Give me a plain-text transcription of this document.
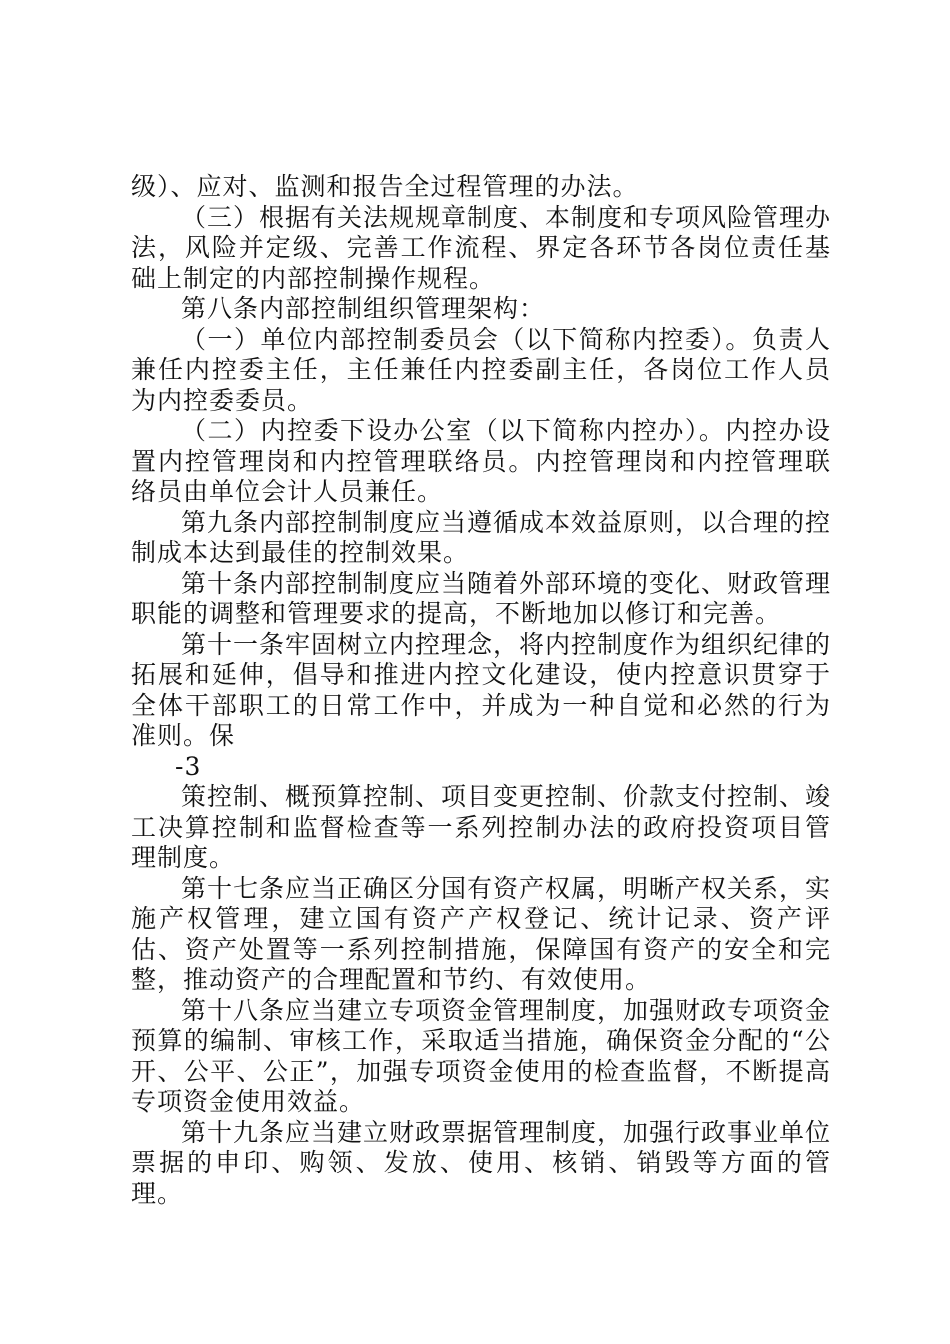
级）、应对、监测和报告全过程管理的办法。

（三）根据有关法规规章制度、本制度和专项风险管理办法，风险并定级、完善工作流程、界定各环节各岗位责任基础上制定的内部控制操作规程。

第八条内部控制组织管理架构：

（一）单位内部控制委员会（以下简称内控委）。负责人兼任内控委主任，主任兼任内控委副主任，各岗位工作人员为内控委委员。

（二）内控委下设办公室（以下简称内控办）。内控办设置内控管理岗和内控管理联络员。内控管理岗和内控管理联络员由单位会计人员兼任。

第九条内部控制制度应当遵循成本效益原则，以合理的控制成本达到最佳的控制效果。

第十条内部控制制度应当随着外部环境的变化、财政管理职能的调整和管理要求的提高，不断地加以修订和完善。

第十一条牢固树立内控理念，将内控制度作为组织纪律的拓展和延伸，倡导和推进内控文化建设，使内控意识贯穿于全体干部职工的日常工作中，并成为一种自觉和必然的行为准则。保

-3

策控制、概预算控制、项目变更控制、价款支付控制、竣工决算控制和监督检查等一系列控制办法的政府投资项目管理制度。

第十七条应当正确区分国有资产权属，明晰产权关系，实施产权管理，建立国有资产产权登记、统计记录、资产评估、资产处置等一系列控制措施，保障国有资产的安全和完整，推动资产的合理配置和节约、有效使用。

第十八条应当建立专项资金管理制度，加强财政专项资金预算的编制、审核工作，采取适当措施，确保资金分配的“公开、公平、公正”，加强专项资金使用的检查监督，不断提高专项资金使用效益。

第十九条应当建立财政票据管理制度，加强行政事业单位票据的申印、购领、发放、使用、核销、销毁等方面的管理。
